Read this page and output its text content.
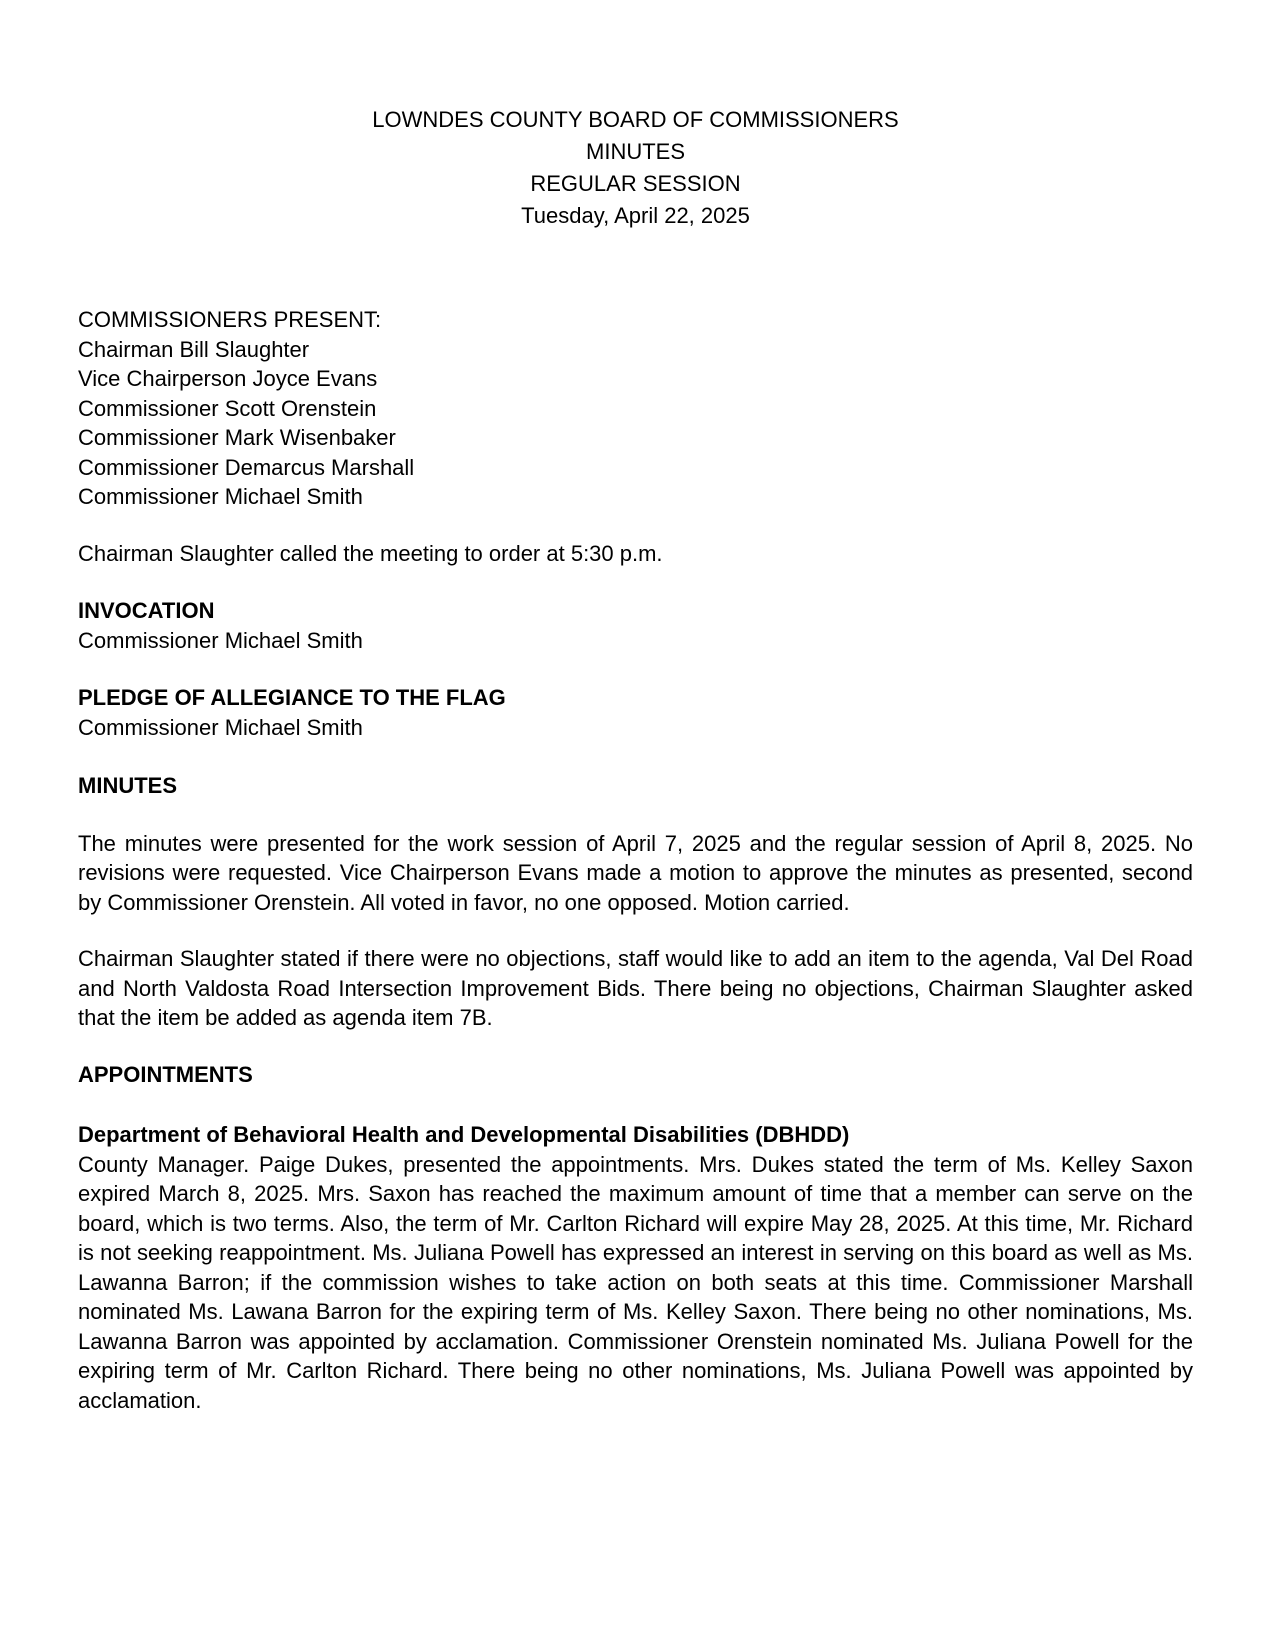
LOWNDES COUNTY BOARD OF COMMISSIONERS
MINUTES
REGULAR SESSION
Tuesday, April 22, 2025
COMMISSIONERS PRESENT:
Chairman Bill Slaughter
Vice Chairperson Joyce Evans
Commissioner Scott Orenstein
Commissioner Mark Wisenbaker
Commissioner Demarcus Marshall
Commissioner Michael Smith

Chairman Slaughter called the meeting to order at 5:30 p.m.

INVOCATION
Commissioner Michael Smith
PLEDGE OF ALLEGIANCE TO THE FLAG
Commissioner Michael Smith
MINUTES

The minutes were presented for the work session of April 7, 2025 and the regular session of April 8, 2025. No revisions were requested. Vice Chairperson Evans made a motion to approve the minutes as presented, second by Commissioner Orenstein. All voted in favor, no one opposed. Motion carried.

Chairman Slaughter stated if there were no objections, staff would like to add an item to the agenda, Val Del Road and North Valdosta Road Intersection Improvement Bids. There being no objections, Chairman Slaughter asked that the item be added as agenda item 7B.

APPOINTMENTS
Department of Behavioral Health and Developmental Disabilities (DBHDD)

County Manager. Paige Dukes, presented the appointments. Mrs. Dukes stated the term of Ms. Kelley Saxon expired March 8, 2025. Mrs. Saxon has reached the maximum amount of time that a member can serve on the board, which is two terms. Also, the term of Mr. Carlton Richard will expire May 28, 2025. At this time, Mr. Richard is not seeking reappointment. Ms. Juliana Powell has expressed an interest in serving on this board as well as Ms. Lawanna Barron; if the commission wishes to take action on both seats at this time. Commissioner Marshall nominated Ms. Lawana Barron for the expiring term of Ms. Kelley Saxon. There being no other nominations, Ms. Lawanna Barron was appointed by acclamation. Commissioner Orenstein nominated Ms. Juliana Powell for the expiring term of Mr. Carlton Richard. There being no other nominations, Ms. Juliana Powell was appointed by acclamation.
